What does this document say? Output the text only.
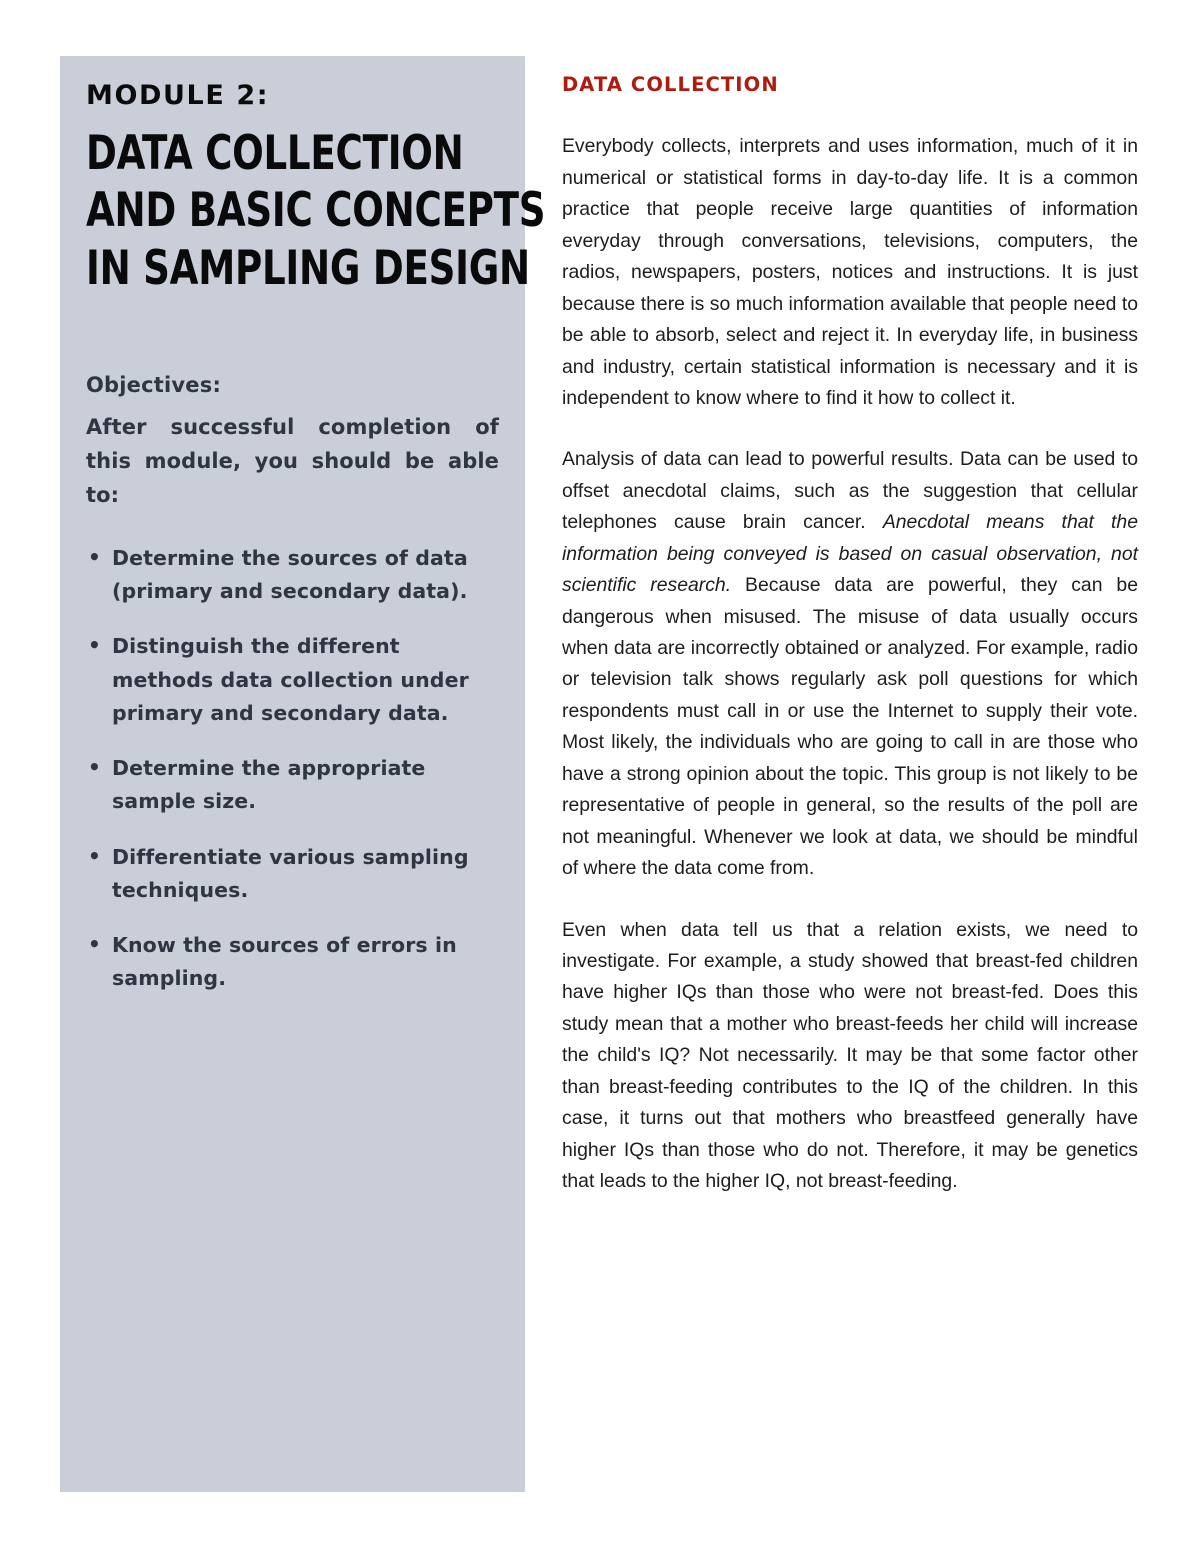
MODULE 2:
DATA COLLECTION
AND BASIC CONCEPTS
IN SAMPLING DESIGN
Objectives:

After successful completion of this module, you should be able to:

• Determine the sources of data (primary and secondary data).
• Distinguish the different methods data collection under primary and secondary data.
• Determine the appropriate sample size.
• Differentiate various sampling techniques.
• Know the sources of errors in sampling.
DATA COLLECTION

Everybody collects, interprets and uses information, much of it in numerical or statistical forms in day-to-day life. It is a common practice that people receive large quantities of information everyday through conversations, televisions, computers, the radios, newspapers, posters, notices and instructions. It is just because there is so much information available that people need to be able to absorb, select and reject it. In everyday life, in business and industry, certain statistical information is necessary and it is independent to know where to find it how to collect it.

Analysis of data can lead to powerful results. Data can be used to offset anecdotal claims, such as the suggestion that cellular telephones cause brain cancer. Anecdotal means that the information being conveyed is based on casual observation, not scientific research. Because data are powerful, they can be dangerous when misused. The misuse of data usually occurs when data are incorrectly obtained or analyzed. For example, radio or television talk shows regularly ask poll questions for which respondents must call in or use the Internet to supply their vote. Most likely, the individuals who are going to call in are those who have a strong opinion about the topic. This group is not likely to be representative of people in general, so the results of the poll are not meaningful. Whenever we look at data, we should be mindful of where the data come from.

Even when data tell us that a relation exists, we need to investigate. For example, a study showed that breast-fed children have higher IQs than those who were not breast-fed. Does this study mean that a mother who breast-feeds her child will increase the child's IQ? Not necessarily. It may be that some factor other than breast-feeding contributes to the IQ of the children. In this case, it turns out that mothers who breastfeed generally have higher IQs than those who do not. Therefore, it may be genetics that leads to the higher IQ, not breast-feeding.
